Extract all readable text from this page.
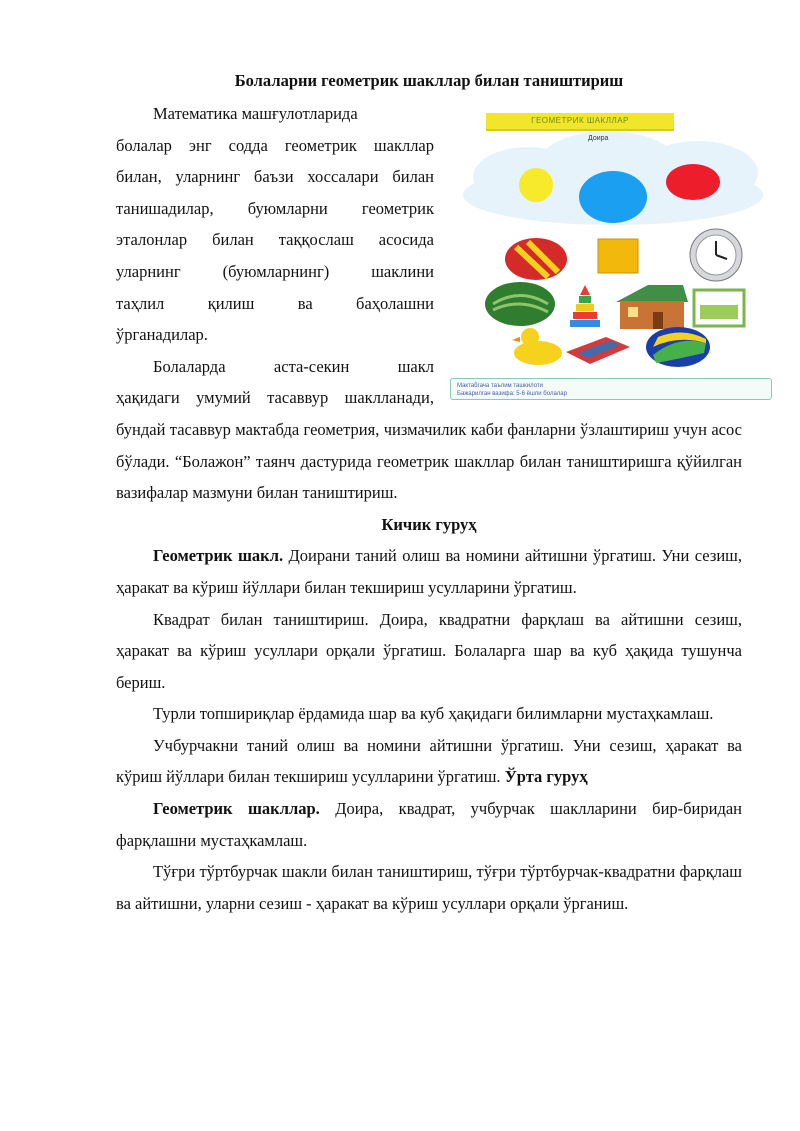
Болаларни геометрик шакллар билан таништириш

Математика машғулотларида

болалар энг содда геометрик шакллар

билан, уларнинг баъзи хоссалари билан

танишадилар, буюмларни геометрик

эталонлар билан таққослаш асосида

уларнинг (буюмларнинг) шаклини

таҳлил қилиш ва баҳолашни

ўрганадилар.

Болаларда аста-секин шакл

ҳақидаги умумий тасаввур шаклланади,

бундай тасаввур мактабда геометрия, чизмачилик каби фанларни ўзлаштириш учун асос бўлади. “Болажон” таянч дастурида геометрик шакллар билан таништиришга қўйилган вазифалар мазмуни билан таништириш.

Кичик гуруҳ

Геометрик шакл. Доирани таний олиш ва номини айтишни ўргатиш. Уни сезиш, ҳаракат ва кўриш йўллари билан текшириш усулларини ўргатиш.

Квадрат билан таништириш. Доира, квадратни фарқлаш ва айтишни сезиш, ҳаракат ва кўриш усуллари орқали ўргатиш. Болаларга шар ва куб ҳақида тушунча бериш.

Турли топшириқлар ёрдамида шар ва куб ҳақидаги билимларни мустаҳкамлаш.

Учбурчакни таний олиш ва номини айтишни ўргатиш. Уни сезиш, ҳаракат ва кўриш йўллари билан текшириш усулларини ўргатиш. Ўрта гуруҳ

Геометрик шакллар. Доира, квадрат, учбурчак шаклларини бир-биридан фарқлашни мустаҳкамлаш.

Тўғри тўртбурчак шакли билан таништириш, тўғри тўртбурчак-квадратни фарқлаш ва айтишни, уларни сезиш - ҳаракат ва кўриш усуллари орқали ўрганиш.

ГЕОМЕТРИК ШАКЛЛАР
Доира
Мактабгача таълим ташкилоти
Бажарилган вазифа: 5-6 ёшли болалар
